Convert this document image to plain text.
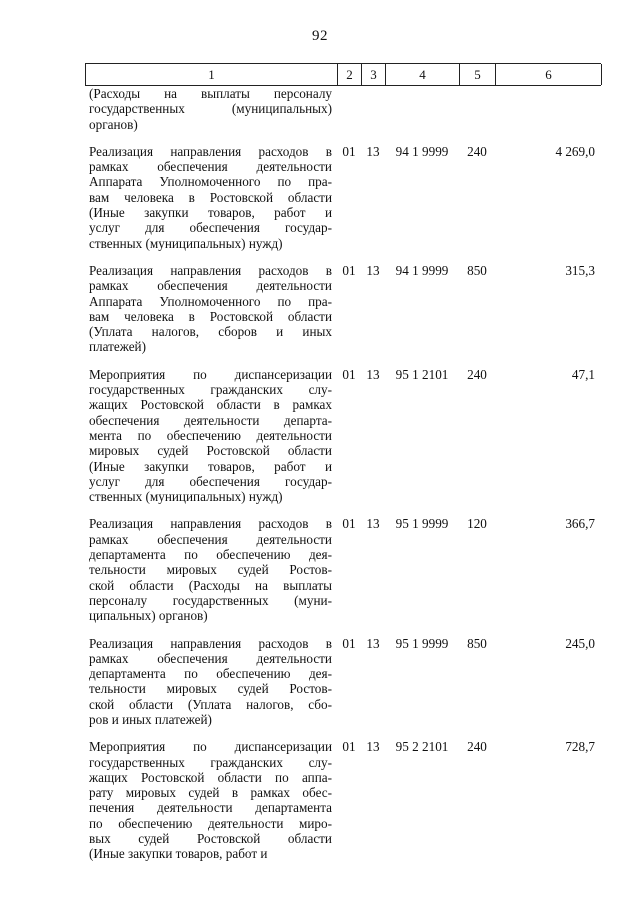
92
1	2	3	4	5	6
(Расходы на выплаты персоналу
государственных (муниципальных)
органов)
Реализация направления расходов в
рамках обеспечения деятельности
Аппарата Уполномоченного по пра-
вам человека в Ростовской области
(Иные закупки товаров, работ и
услуг для обеспечения государ-
ственных (муниципальных) нужд)
01 13	94 1 9999	240	4 269,0
Реализация направления расходов в
рамках обеспечения деятельности
Аппарата Уполномоченного по пра-
вам человека в Ростовской области
(Уплата налогов, сборов и иных
платежей)
01 13	94 1 9999	850	315,3
Мероприятия по диспансеризации
государственных гражданских слу-
жащих Ростовской области в рамках
обеспечения деятельности департа-
мента по обеспечению деятельности
мировых судей Ростовской области
(Иные закупки товаров, работ и
услуг для обеспечения государ-
ственных (муниципальных) нужд)
01 13	95 1 2101	240	47,1
Реализация направления расходов в
рамках обеспечения деятельности
департамента по обеспечению дея-
тельности мировых судей Ростов-
ской области (Расходы на выплаты
персоналу государственных (муни-
ципальных) органов)
01 13	95 1 9999	120	366,7
Реализация направления расходов в
рамках обеспечения деятельности
департамента по обеспечению дея-
тельности мировых судей Ростов-
ской области (Уплата налогов, сбо-
ров и иных платежей)
01 13	95 1 9999	850	245,0
Мероприятия по диспансеризации
государственных гражданских слу-
жащих Ростовской области по аппа-
рату мировых судей в рамках обес-
печения деятельности департамента
по обеспечению деятельности миро-
вых судей Ростовской области
(Иные закупки товаров, работ и
01 13	95 2 2101	240	728,7
